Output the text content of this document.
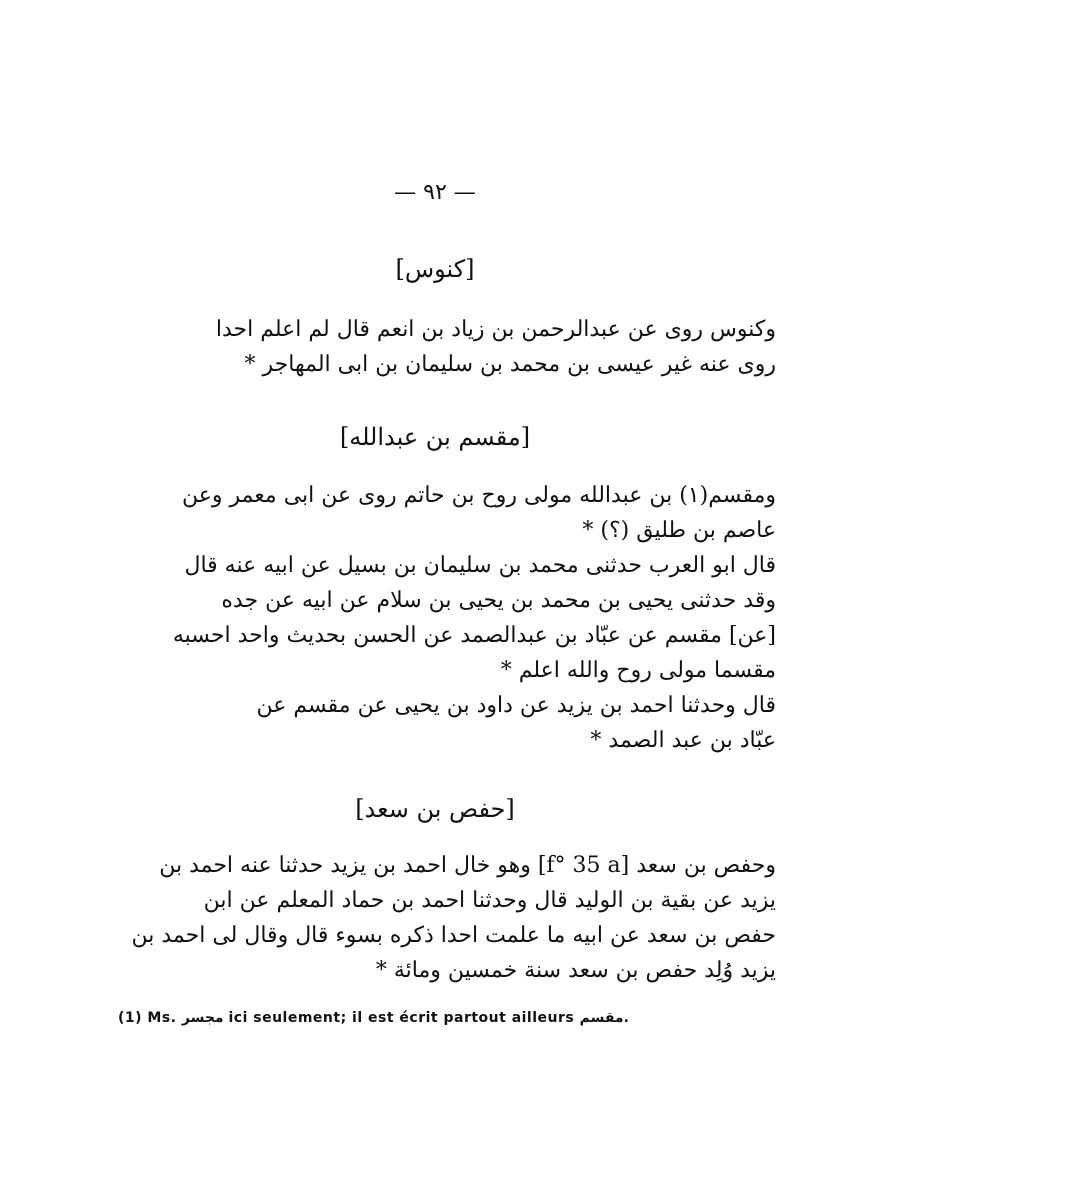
— ٩٢ —
[كنوس]
وكنوس روى عن عبدالرحمن بن زياد بن انعم قال لم اعلم احدا
روى عنه غير عيسى بن محمد بن سليمان بن ابى المهاجر *
[مقسم بن عبدالله]
ومقسم(١) بن عبدالله مولى روح بن حاتم روى عن ابى معمر وعن
عاصم بن طليق (؟) *
قال ابو العرب حدثنى محمد بن سليمان بن بسيل عن ابيه عنه قال
وقد حدثنى يحيى بن محمد بن يحيى بن سلام عن ابيه عن جده
[عن] مقسم عن عبّاد بن عبدالصمد عن الحسن بحديث واحد احسبه
مقسما مولى روح والله اعلم *
قال وحدثنا احمد بن يزيد عن داود بن يحيى عن مقسم عن
عبّاد بن عبد الصمد *
[حفص بن سعد]
وحفص بن سعد [f° 35 a] وهو خال احمد بن يزيد حدثنا عنه احمد بن
يزيد عن بقية بن الوليد قال وحدثنا احمد بن حماد المعلم عن ابن
حفص بن سعد عن ابيه ما علمت احدا ذكره بسوء قال وقال لى احمد بن
يزيد وُلِد حفص بن سعد سنة خمسين ومائة *
(1) Ms. مجسر ici seulement; il est écrit partout ailleurs مقسم.
